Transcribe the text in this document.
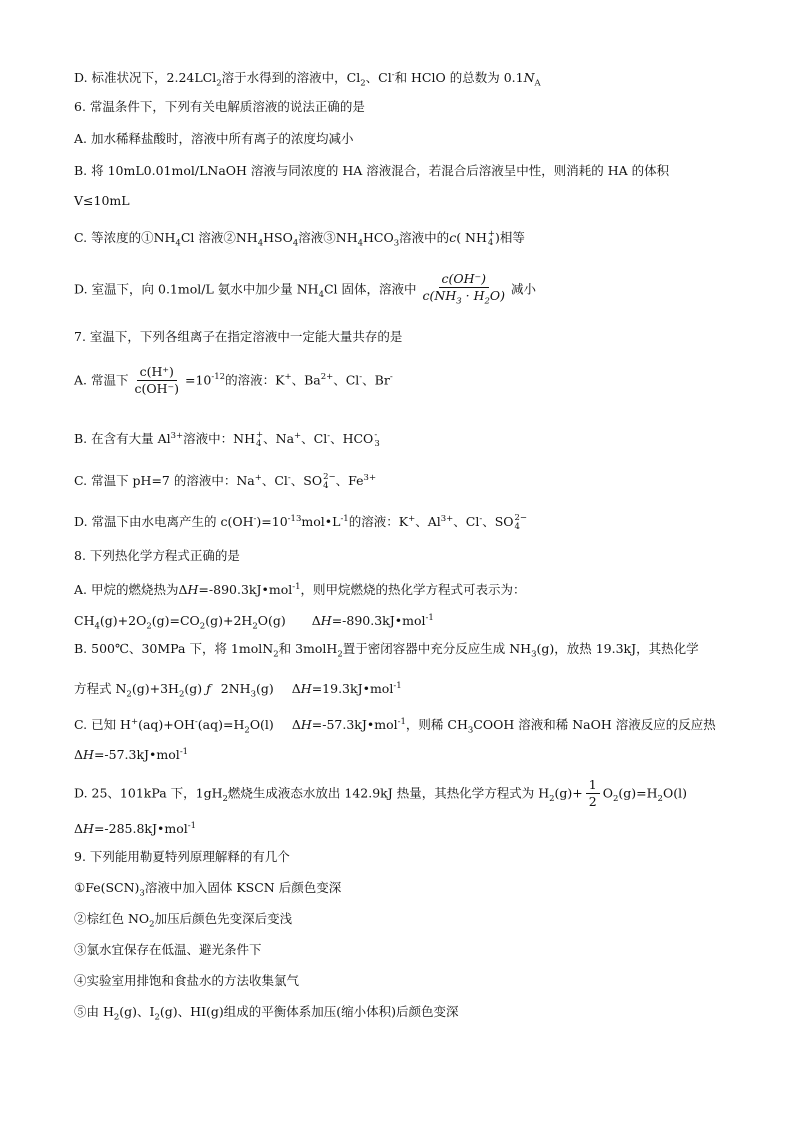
D. 标准状况下，2.24LCl$_2$溶于水得到的溶液中，$Cl_2$、Cl-和 HClO 的总数为 $0.1N_A$
6. 常温条件下，下列有关电解质溶液的说法正确的是
A. 加水稀释盐酸时，溶液中所有离子的浓度均减小
B. 将 10mL0.01mol/LNaOH 溶液与同浓度的 HA 溶液混合，若混合后溶液呈中性，则消耗的 HA 的体积
V≤10mL
C. 等浓度的$①NH_4Cl$ 溶液$②NH_4HSO_4$溶液$③NH_4HCO_3$溶液中的c( NH +
4 )相等
D. 室温下，向 0.1mol/L 氨水中加少量 $NH_4Cl$ 固体，溶液中 $\frac{c(OH^-)}{c(NH_3 \cdot H_2O)}$ 减小
7. 室温下，下列各组离子在指定溶液中一定能大量共存的是
A. 常温下 $\frac{c(H^+)}{c(OH^-)} =10^{-12}$的溶液：K+、$Ba^{2+}$、Cl-、Br-
B. 在含有大量 $Al^{3+}$溶液中：NH +
4 、Na+、Cl-、HCO -
3
C. 常温下 pH=7 的溶液中：Na+、Cl-、SO 2−
4 、$Fe^{3+}$
D. 常温下由水电离产生的 $c(OH^-)=10^{-13}mol•L^{-1}$的溶液：K+、$Al^{3+}$、Cl-、SO 2−
4
8. 下列热化学方程式正确的是
A. 甲烷的燃烧热为ΔH=-890.3kJ•mol$^{-1}$，则甲烷燃烧的热化学方程式可表示为：
$CH_4(g)+2O_2(g)=CO_2(g)+2H_2O(g)$ ΔH=-890.3kJ•mol$^{-1}$
B. 500℃、30MPa 下，将 1molN$_2$和 3molH$_2$置于密闭容器中充分反应生成 $NH_3(g)$，放热 19.3kJ，其热化学
方程式 $N_2(g)+3H_2(g)$ ƒ $2NH_3(g)$ ΔH=19.3kJ•mol$^{-1}$
C. 已知 $H^+(aq)+OH^-(aq)=H_2O(l)$ ΔH=-57.3kJ•mol$^{-1}$，则稀 $CH_3COOH$ 溶液和稀 NaOH 溶液反应的反应热
ΔH=-57.3kJ•mol$^{-1}$
D. 25、101kPa 下，$1gH_2$燃烧生成液态水放出 142.9kJ 热量，其热化学方程式为 $H_2(g)+ \frac{1}{2} O_2(g)=H_2O(l)$
ΔH=-285.8kJ•mol$^{-1}$
9. 下列能用勒夏特列原理解释的有几个
$①Fe(SCN)_3$溶液中加入固体 KSCN 后颜色变深
②棕红色 $NO_2$加压后颜色先变深后变浅
③氯水宜保存在低温、避光条件下
④实验室用排饱和食盐水的方法收集氯气
⑤由 $H_2(g)$、$I_2(g)$、HI(g)组成的平衡体系加压(缩小体积)后颜色变深
